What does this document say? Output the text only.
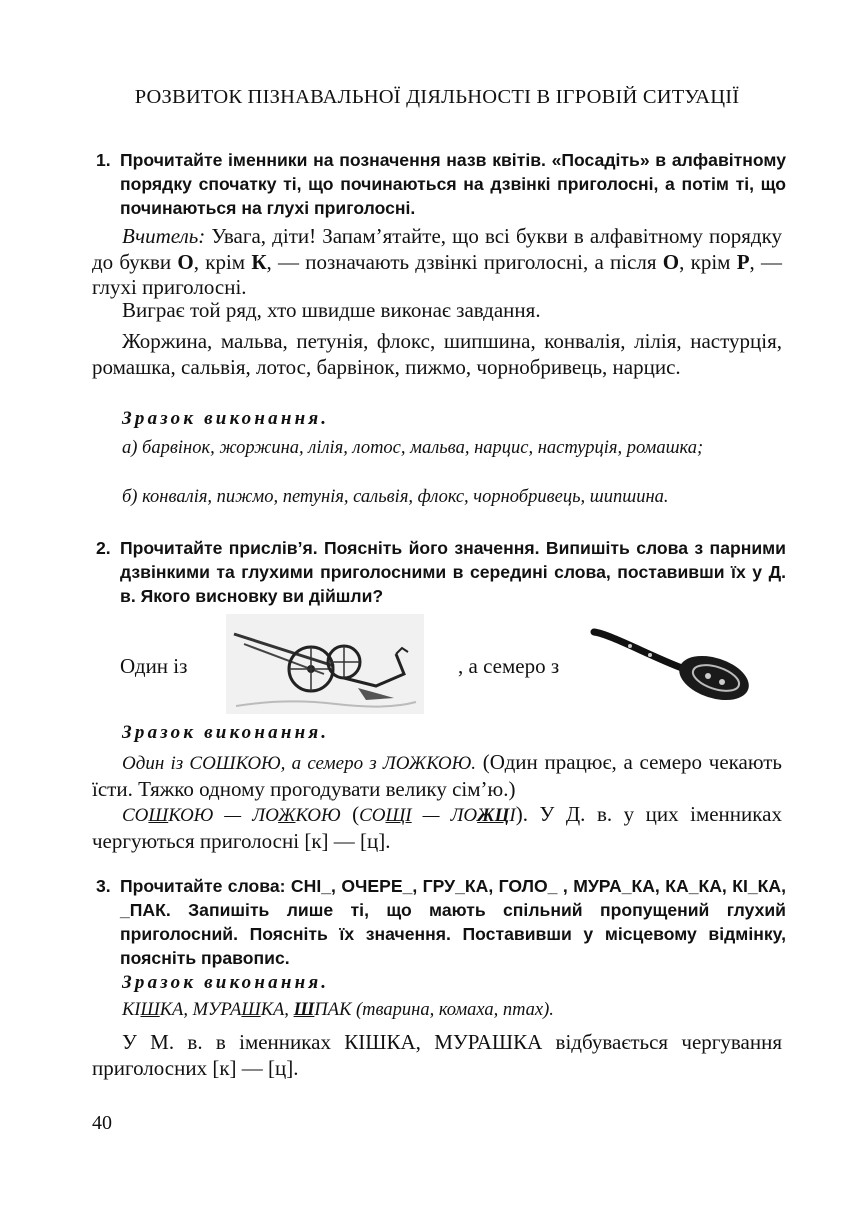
РОЗВИТОК ПІЗНАВАЛЬНОЇ ДІЯЛЬНОСТІ В ІГРОВІЙ СИТУАЦІЇ
1. Прочитайте іменники на позначення назв квітів. «Посадіть» в алфавітному порядку спочатку ті, що починаються на дзвінкі приголосні, а потім ті, що починаються на глухі приголосні.
Вчитель: Увага, діти! Запам’ятайте, що всі букви в алфавітному порядку до букви О, крім К, — позначають дзвінкі приголосні, а після О, крім Р, — глухі приголосні.
Виграє той ряд, хто швидше виконає завдання.
Жоржина, мальва, петунія, флокс, шипшина, конвалія, лілія, настурція, ромашка, сальвія, лотос, барвінок, пижмо, чорнобривець, нарцис.
Зразок виконання.
а) барвінок, жоржина, лілія, лотос, мальва, нарцис, настурція, ромашка;
б) конвалія, пижмо, петунія, сальвія, флокс, чорнобривець, шипшина.
2. Прочитайте прислів’я. Поясніть його значення. Випишіть слова з парними дзвінкими та глухими приголосними в середині слова, поставивши їх у Д. в. Якого висновку ви дійшли?
Один із	, а семеро з
Зразок виконання.
Один із СОШКОЮ, а семеро з ЛОЖКОЮ. (Один працює, а семеро чекають їсти. Тяжко одному прогодувати велику сім’ю.)
СОШКОЮ — ЛОЖКОЮ (СОЩІ — ЛОЖЦІ). У Д. в. у цих іменниках чергуються приголосні [к] — [ц].
3. Прочитайте слова: СНІ_, ОЧЕРЕ_, ГРУ_КА, ГОЛО_ , МУРА_КА, КА_КА, КІ_КА, _ПАК. Запишіть лише ті, що мають спільний пропущений глухий приголосний. Поясніть їх значення. Поставивши у місцевому відмінку, поясніть правопис.
Зразок виконання.
КІШКА, МУРАШКА, ШПАК (тварина, комаха, птах).
У М. в. в іменниках КІШКА, МУРАШКА відбувається чергування приголосних [к] — [ц].
40
